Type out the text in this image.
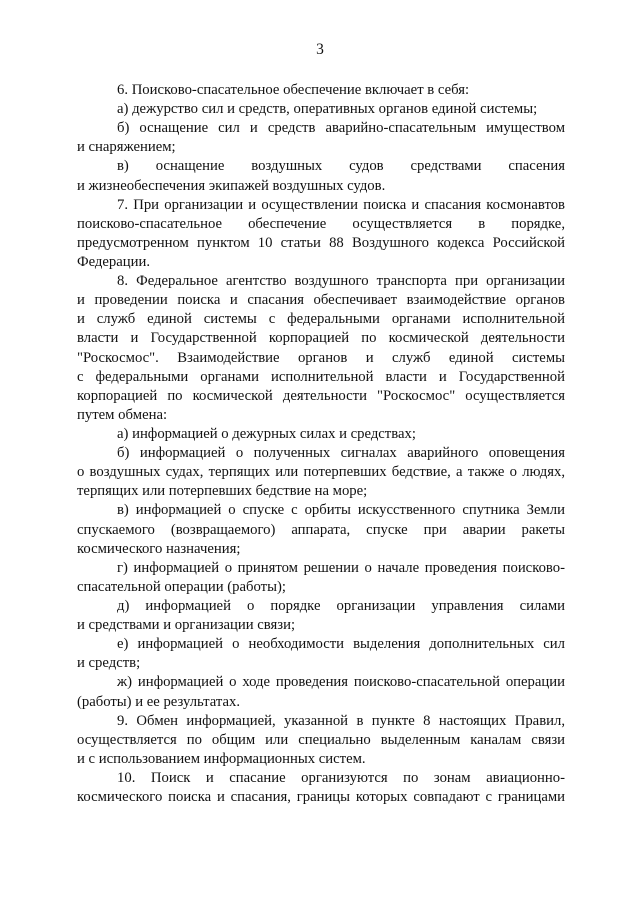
3
6. Поисково-спасательное обеспечение включает в себя:
а) дежурство сил и средств, оперативных органов единой системы;
б) оснащение сил и средств аварийно-спасательным имуществом
и снаряжением;
в) оснащение воздушных судов средствами спасения
и жизнеобеспечения экипажей воздушных судов.
7. При организации и осуществлении поиска и спасания космонавтов
поисково-спасательное обеспечение осуществляется в порядке,
предусмотренном пунктом 10 статьи 88 Воздушного кодекса Российской
Федерации.
8. Федеральное агентство воздушного транспорта при организации
и проведении поиска и спасания обеспечивает взаимодействие органов
и служб единой системы с федеральными органами исполнительной
власти и Государственной корпорацией по космической деятельности
"Роскосмос". Взаимодействие органов и служб единой системы
с федеральными органами исполнительной власти и Государственной
корпорацией по космической деятельности "Роскосмос" осуществляется
путем обмена:
а) информацией о дежурных силах и средствах;
б) информацией о полученных сигналах аварийного оповещения
о воздушных судах, терпящих или потерпевших бедствие, а также о людях,
терпящих или потерпевших бедствие на море;
в) информацией о спуске с орбиты искусственного спутника Земли
спускаемого (возвращаемого) аппарата, спуске при аварии ракеты
космического назначения;
г) информацией о принятом решении о начале проведения поисково-
спасательной операции (работы);
д) информацией о порядке организации управления силами
и средствами и организации связи;
е) информацией о необходимости выделения дополнительных сил
и средств;
ж) информацией о ходе проведения поисково-спасательной операции
(работы) и ее результатах.
9. Обмен информацией, указанной в пункте 8 настоящих Правил,
осуществляется по общим или специально выделенным каналам связи
и с использованием информационных систем.
10. Поиск и спасание организуются по зонам авиационно-
космического поиска и спасания, границы которых совпадают с границами
